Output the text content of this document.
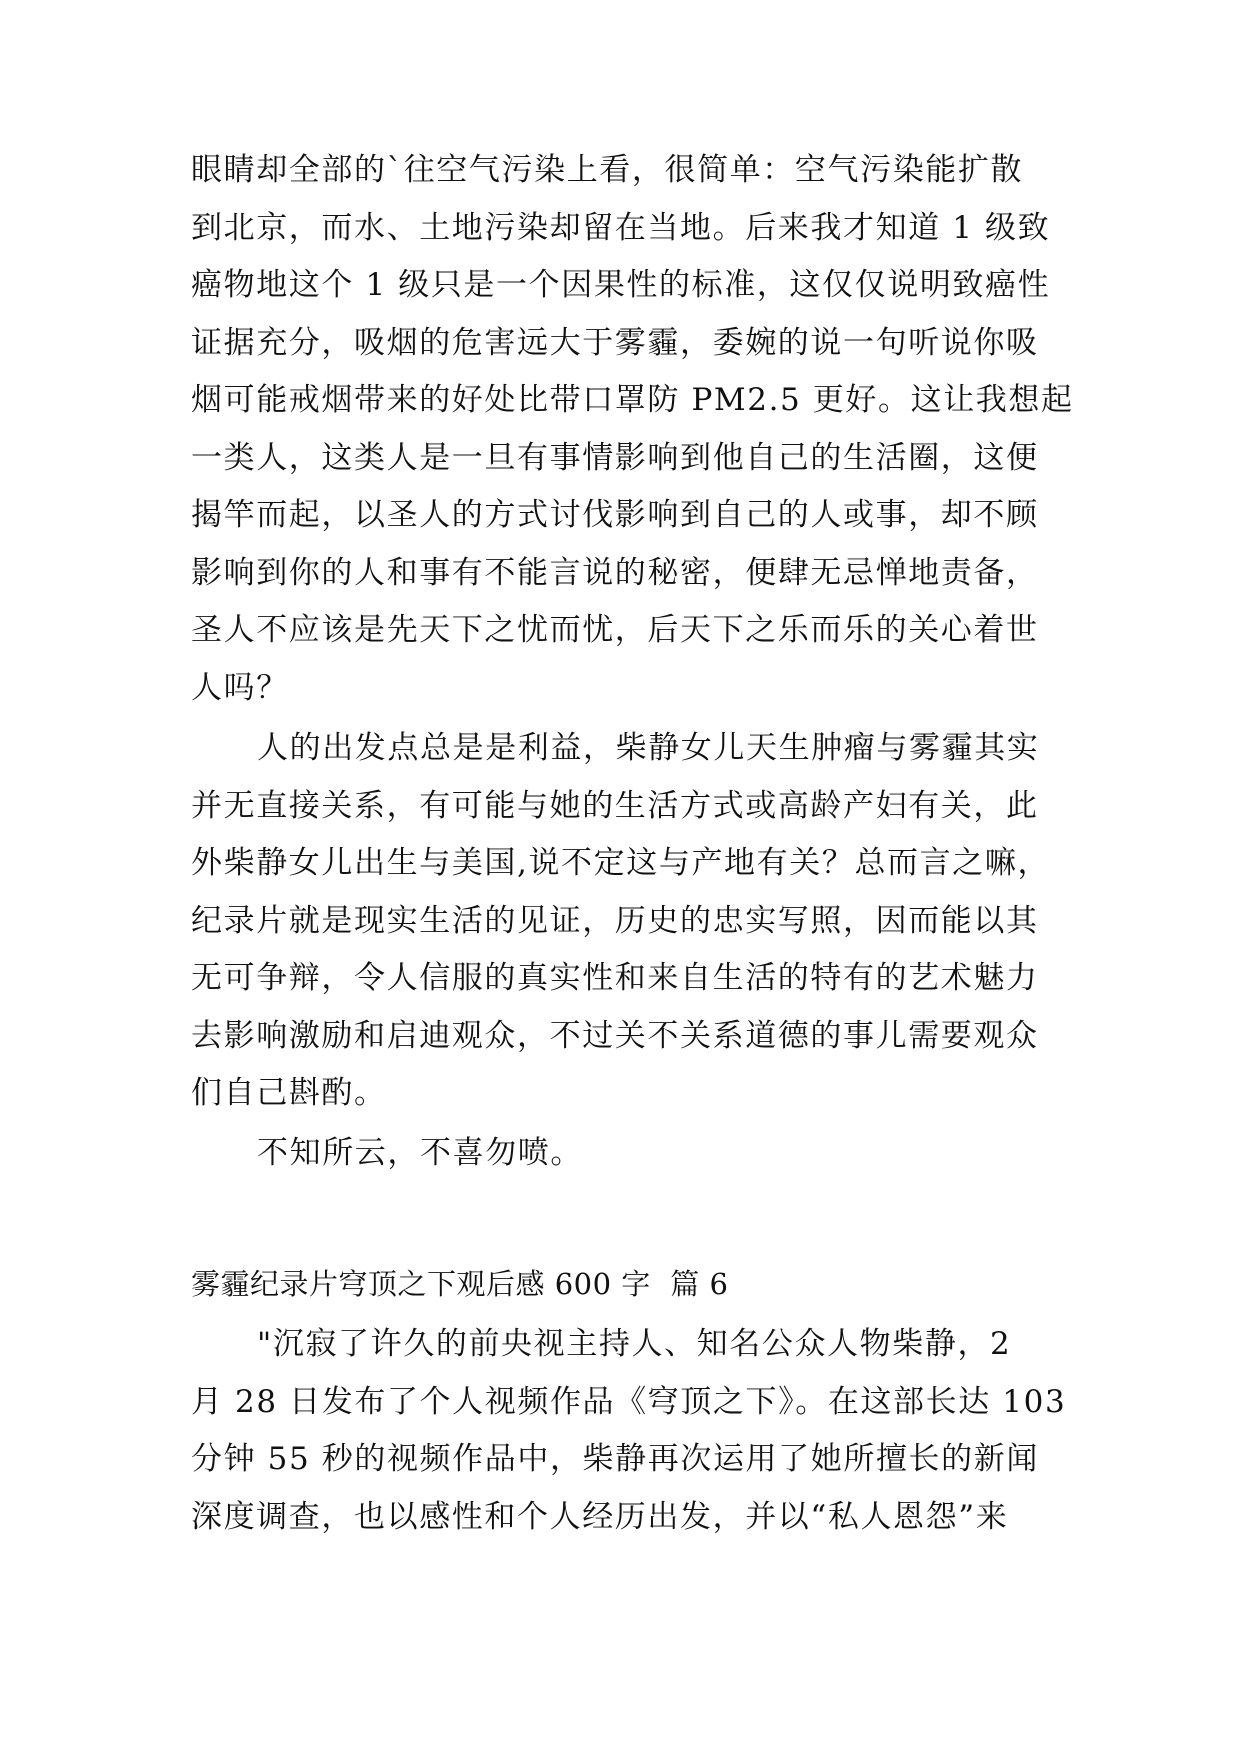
眼睛却全部的`往空气污染上看，很简单：空气污染能扩散
到北京，而水、土地污染却留在当地。后来我才知道 1 级致
癌物地这个 1 级只是一个因果性的标准，这仅仅说明致癌性
证据充分，吸烟的危害远大于雾霾，委婉的说一句听说你吸
烟可能戒烟带来的好处比带口罩防 PM2.5 更好。这让我想起
一类人，这类人是一旦有事情影响到他自己的生活圈，这便
揭竿而起，以圣人的方式讨伐影响到自己的人或事，却不顾
影响到你的人和事有不能言说的秘密，便肆无忌惮地责备，
圣人不应该是先天下之忧而忧，后天下之乐而乐的关心着世
人吗？
人的出发点总是是利益，柴静女儿天生肿瘤与雾霾其实
并无直接关系，有可能与她的生活方式或高龄产妇有关，此
外柴静女儿出生与美国,说不定这与产地有关？总而言之嘛，
纪录片就是现实生活的见证，历史的忠实写照，因而能以其
无可争辩，令人信服的真实性和来自生活的特有的艺术魅力
去影响激励和启迪观众，不过关不关系道德的事儿需要观众
们自己斟酌。
不知所云，不喜勿喷。
雾霾纪录片穹顶之下观后感 600 字  篇 6
"沉寂了许久的前央视主持人、知名公众人物柴静，2
月 28 日发布了个人视频作品《穹顶之下》。在这部长达 103
分钟 55 秒的视频作品中，柴静再次运用了她所擅长的新闻
深度调查，也以感性和个人经历出发，并以“私人恩怨”来
